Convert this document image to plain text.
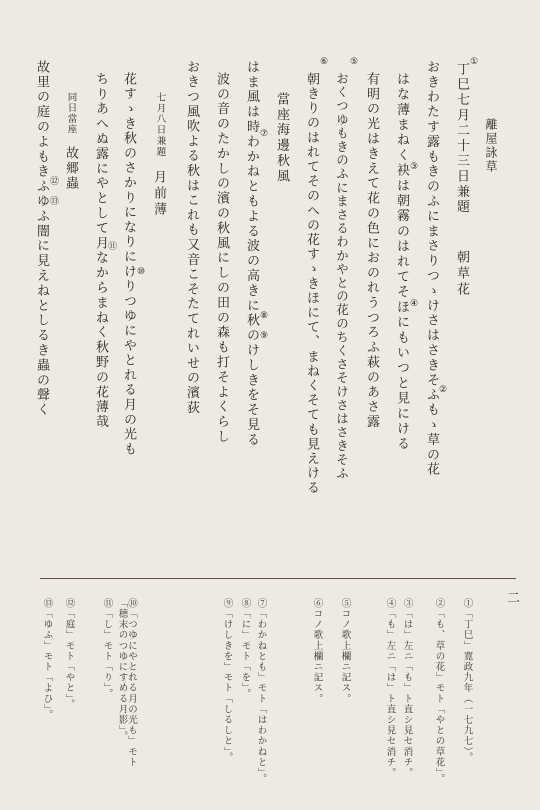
二
離屋詠草
丁巳七月二十三日兼題
朝草花
おきわたす露もきのふにまさりつゝけさはさきそふもゝ草の花
はな薄まねく袂は朝霧のはれてそほにもいつと見にける
有明の光はきえて花の色におのれうつろふ萩のあさ露
おくつゆもきのふにまさるわかやとの花のちくさそけさはさきそふ
朝きりのはれてそのへの花すゝきほにて、まねくそても見えける
當座海邊秋風
はま風は時わかねともよる波の高きに秋のけしきをそ見る
波の音のたかしの濱の秋風にしの田の森も打そよくらし
おきつ風吹よる秋はこれも又音こそたてれいせの濱荻
七月八日兼題
月前薄
花すゝき秋のさかりになりにけりつゆにやとれる月の光も
ちりあへぬ露にやとして月なからまねく秋野の花薄哉
同日當座
故郷蟲
故里の庭のよもきふゆふ闇に見えねとしるき蟲の聲く	①
②
③
④
⑤
⑥
⑦
⑧
⑨
⑩
⑪
⑫
⑬
①「丁巳」寛政九年（一七九七）。
②「も、草の花」モト「やとの草花」。
③「は」左ニ「も」ト直シ見セ消チ。
④「も」左ニ「は」ト直シ見セ消チ。
⑤コノ歌上欄ニ記ス。
⑥コノ歌上欄ニ記ス。
⑦「わかねとも」モト「はわかねと」。
⑧「に」モト「を」。
⑨「けしきを」モト「しるしと」。
⑩「つゆにやとれる月の光も」モト「穂末のつゆにすめる月影」。
⑪「し」モト「り」。
⑫「庭」モト「やと」。
⑬「ゆふ」モト「よひ」。
